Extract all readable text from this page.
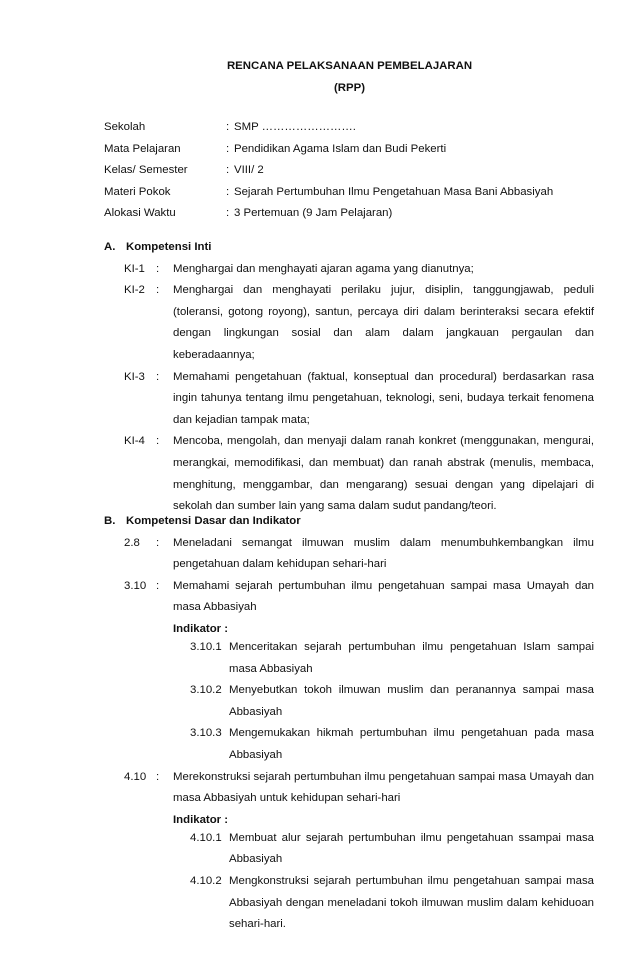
RENCANA PELAKSANAAN PEMBELAJARAN
(RPP)
Sekolah	: SMP …………………….
Mata Pelajaran	: Pendidikan Agama Islam dan Budi Pekerti
Kelas/ Semester	: VIII/ 2
Materi Pokok	: Sejarah Pertumbuhan Ilmu Pengetahuan Masa Bani Abbasiyah
Alokasi Waktu	: 3 Pertemuan (9 Jam Pelajaran)
A. Kompetensi Inti
KI-1 : Menghargai dan menghayati ajaran agama yang dianutnya;
KI-2 : Menghargai dan menghayati perilaku jujur, disiplin, tanggungjawab, peduli (toleransi, gotong royong), santun, percaya diri dalam berinteraksi secara efektif dengan lingkungan sosial dan alam dalam jangkauan pergaulan dan keberadaannya;
KI-3 : Memahami pengetahuan (faktual, konseptual dan procedural) berdasarkan rasa ingin tahunya tentang ilmu pengetahuan, teknologi, seni, budaya terkait fenomena dan kejadian tampak mata;
KI-4 : Mencoba, mengolah, dan menyaji dalam ranah konkret (menggunakan, mengurai, merangkai, memodifikasi, dan membuat) dan ranah abstrak (menulis, membaca, menghitung, menggambar, dan mengarang) sesuai dengan yang dipelajari di sekolah dan sumber lain yang sama dalam sudut pandang/teori.
B. Kompetensi Dasar dan Indikator
2.8 : Meneladani semangat ilmuwan muslim dalam menumbuhkembangkan ilmu pengetahuan dalam kehidupan sehari-hari
3.10 : Memahami sejarah pertumbuhan ilmu pengetahuan sampai masa Umayah dan masa Abbasiyah
Indikator :
3.10.1 Menceritakan sejarah pertumbuhan ilmu pengetahuan Islam sampai masa Abbasiyah
3.10.2 Menyebutkan tokoh ilmuwan muslim dan peranannya sampai masa Abbasiyah
3.10.3 Mengemukakan hikmah pertumbuhan ilmu pengetahuan pada masa Abbasiyah
4.10 : Merekonstruksi sejarah pertumbuhan ilmu pengetahuan sampai masa Umayah dan masa Abbasiyah untuk kehidupan sehari-hari
Indikator :
4.10.1 Membuat alur sejarah pertumbuhan ilmu pengetahuan ssampai masa Abbasiyah
4.10.2 Mengkonstruksi sejarah pertumbuhan ilmu pengetahuan sampai masa Abbasiyah dengan meneladani tokoh ilmuwan muslim dalam kehiduoan sehari-hari.
